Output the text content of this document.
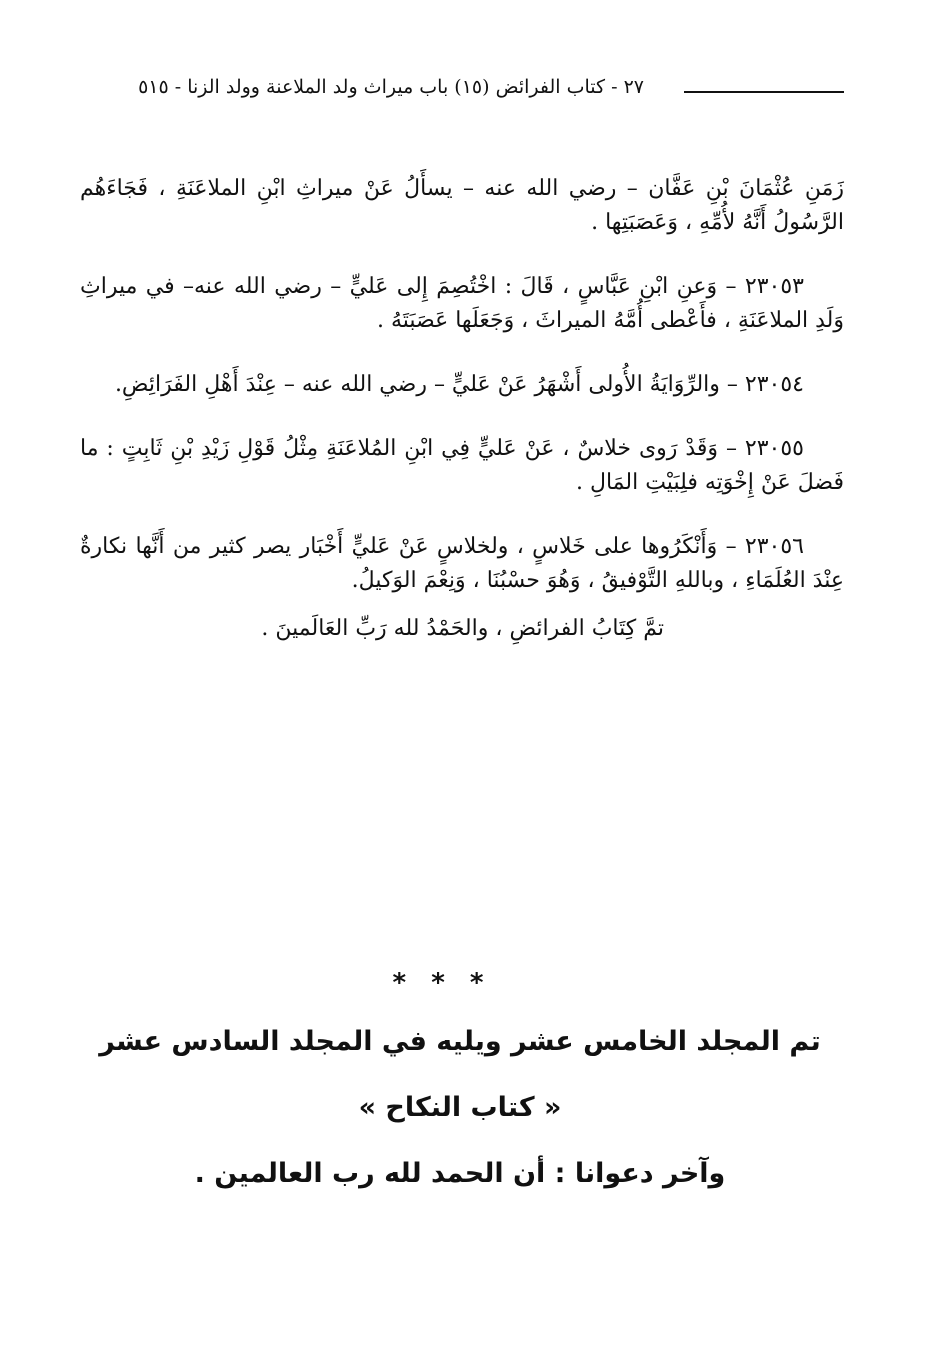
٢٧ - كتاب الفرائض (١٥) باب ميراث ولد الملاعنة وولد الزنا - ٥١٥

زَمَنِ عُثْمَانَ بْنِ عَفَّان – رضي الله عنه – يسأَلُ عَنْ ميراثِ ابْنِ الملاعَنَةِ ، فَجَاءَهُم الرَّسُولُ أَنَّهُ لأُمِّهِ ، وَعَصَبَتِها .

٢٣٠٥٣ – وَعنِ ابْنِ عَبَّاسٍ ، قَالَ : اخْتُصِمَ إِلى عَليٍّ – رضي الله عنه– في ميراثِ وَلَدِ الملاعَنَةِ ، فأَعْطى أُمَّهُ الميراثَ ، وَجَعَلَها عَصَبَتَهُ .

٢٣٠٥٤ – والرِّوَايَةُ الأُولى أَشْهَرُ عَنْ عَليٍّ – رضي الله عنه – عِنْدَ أَهْلِ الفَرَائِضِ.

٢٣٠٥٥ – وَقَدْ رَوى خلاسٌ ، عَنْ عَليٍّ فِي ابْنِ المُلاعَنَةِ مِثْلُ قَوْلِ زَيْدِ بْنِ ثَابِتٍ : ما فَضلَ عَنْ إِخْوَتِه فلِبَيْتِ المَالِ .

٢٣٠٥٦ – وَأَنْكَرُوها على خَلاسٍ ، ولخلاسٍ عَنْ عَليٍّ أَخْبَار يصر كثير من أَنَّها نكارةٌ عِنْدَ العُلَمَاءِ ، وباللهِ التَّوْفيقُ ، وَهُوَ حسْبُنَا ، وَنِعْمَ الوَكيلُ.

تمَّ كِتَابُ الفرائضِ ، والحَمْدُ لله رَبِّ العَالَمينَ .

* * *
تم المجلد الخامس عشر ويليه في المجلد السادس عشر
« كتاب النكاح »
وآخر دعوانا : أن الحمد لله رب العالمين .
